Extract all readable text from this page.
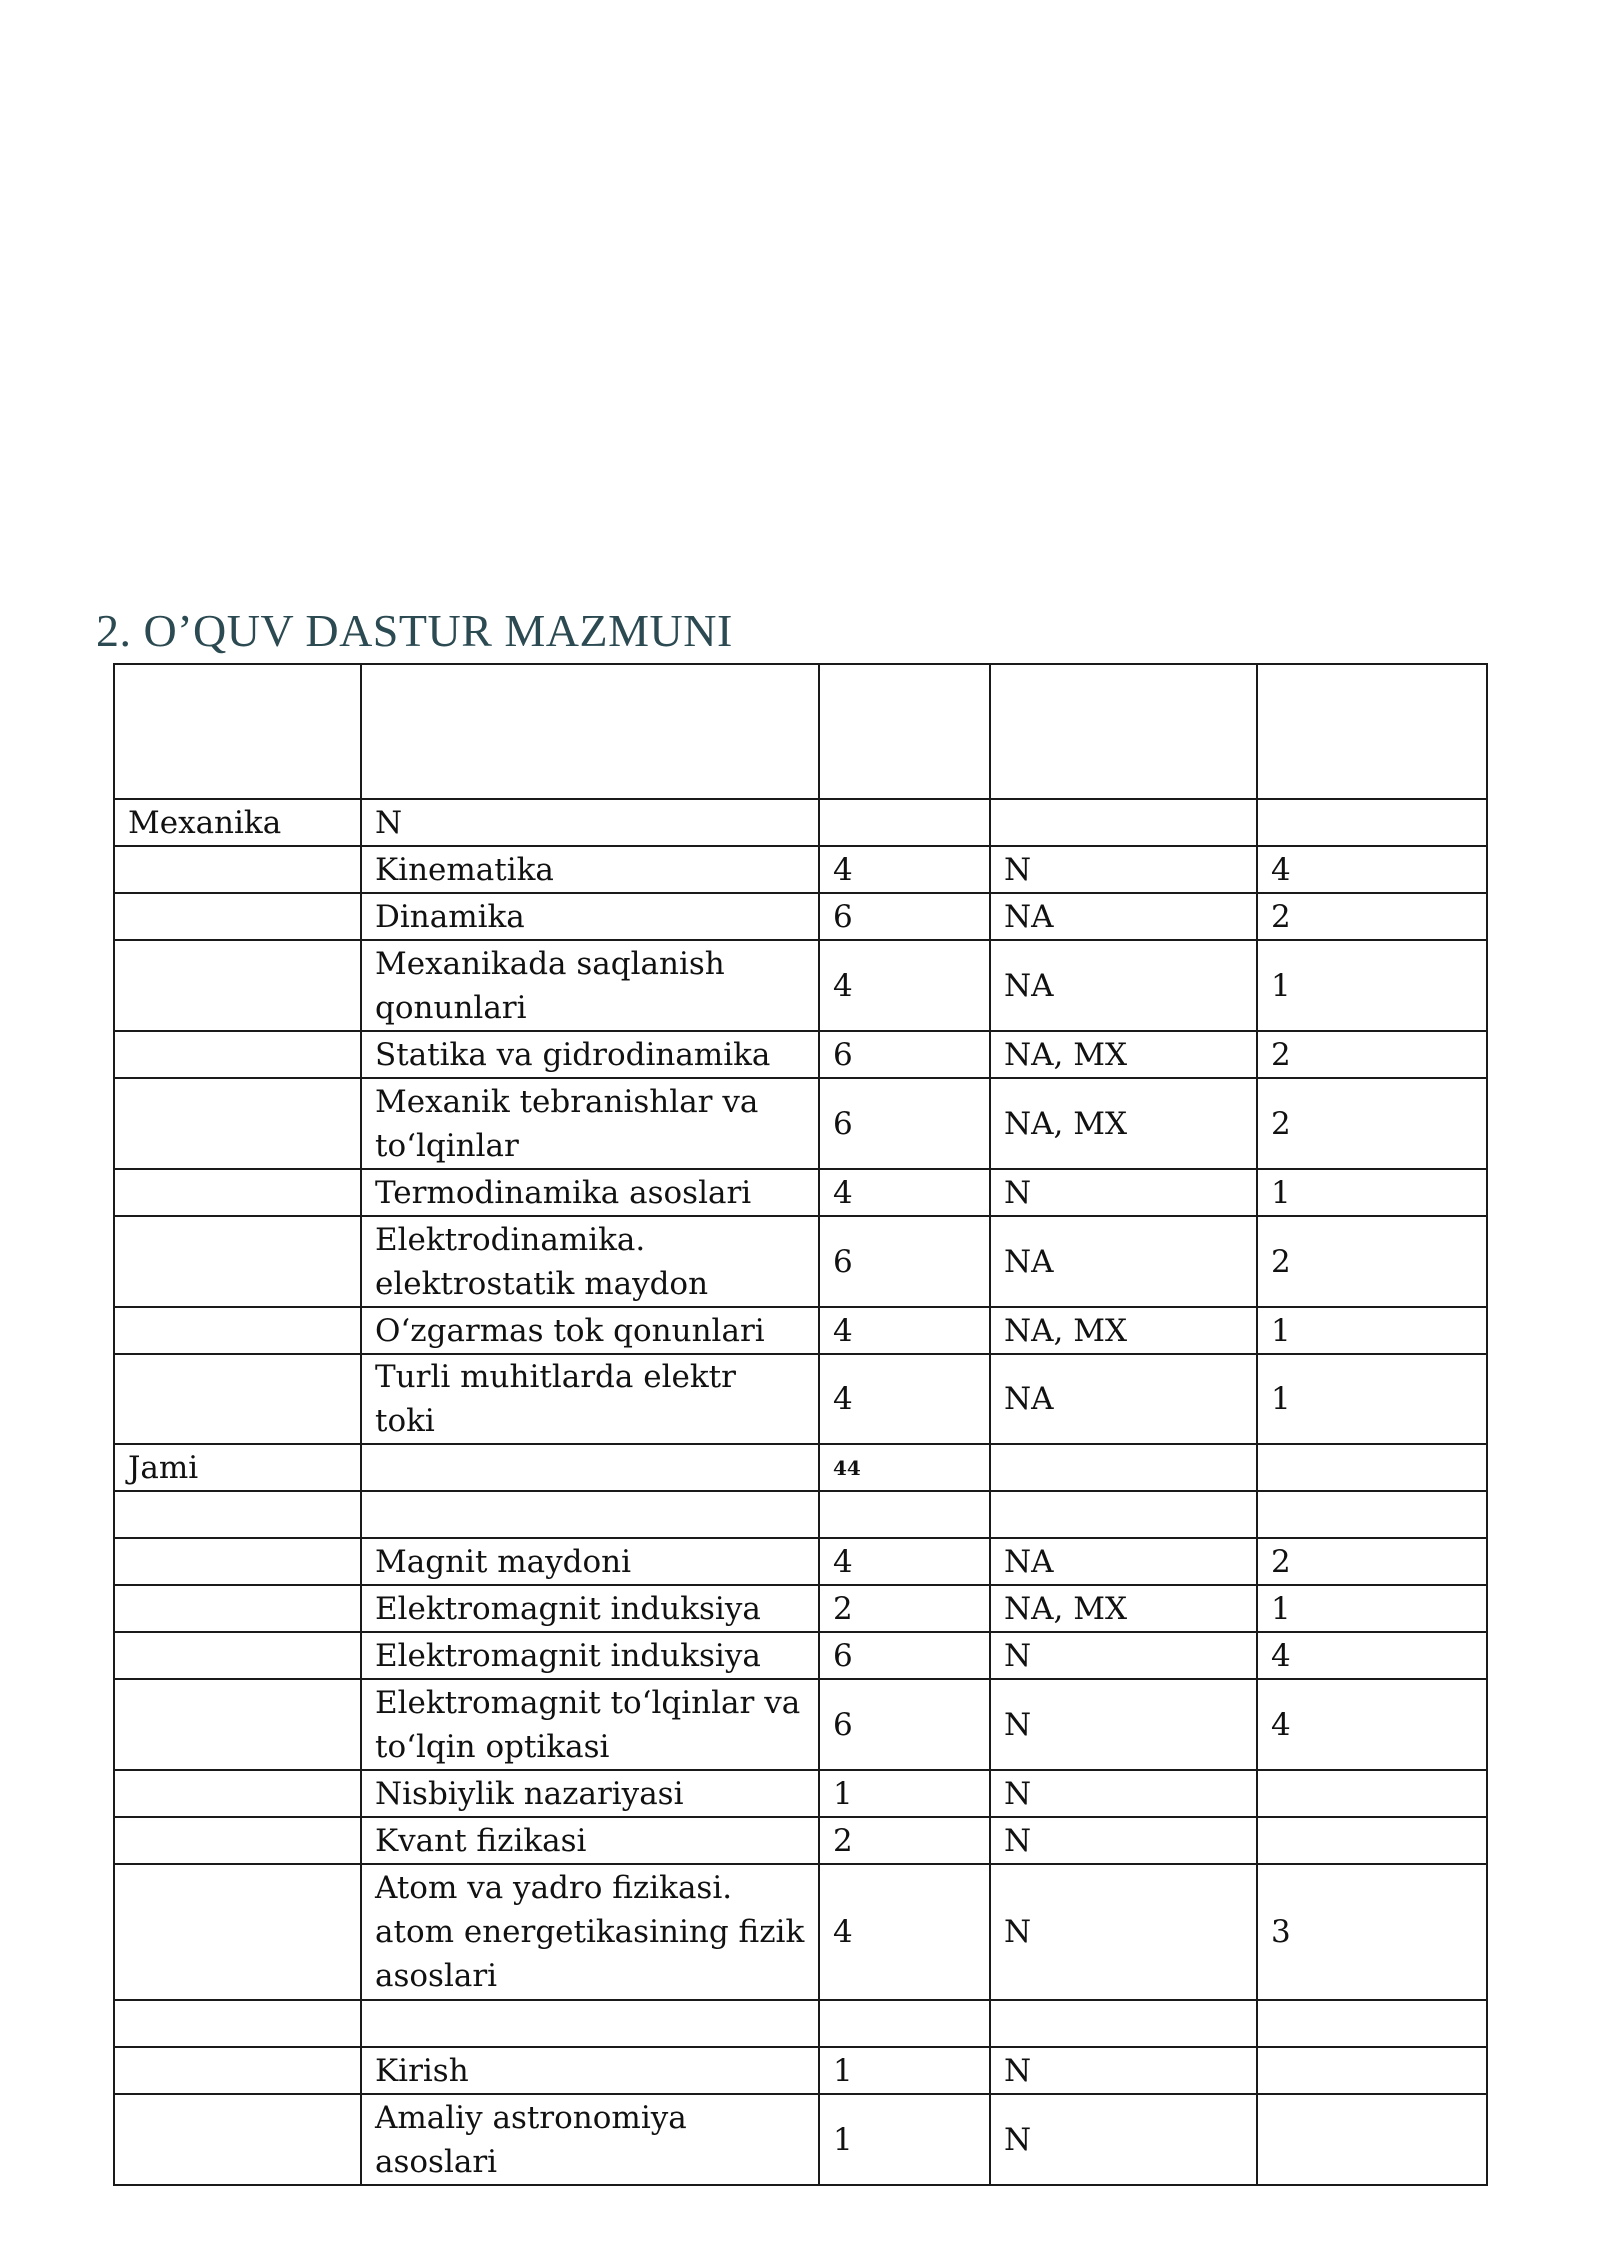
2. O’QUV DASTUR MAZMUNI

Mexanika	N			
	Kinematika	4	N	4
	Dinamika	6	NA	2
	Mexanikada saqlanish qonunlari	4	NA	1
	Statika va gidrodinamika	6	NA, MX	2
	Mexanik tebranishlar va to‘lqinlar	6	NA, MX	2
	Termodinamika asoslari	4	N	1
	Elektrodinamika. elektrostatik maydon	6	NA	2
	O‘zgarmas tok qonunlari	4	NA, MX	1
	Turli muhitlarda elektr toki	4	NA	1
Jami		44		

	Magnit maydoni	4	NA	2
	Elektromagnit induksiya	2	NA, MX	1
	Elektromagnit induksiya	6	N	4
	Elektromagnit to‘lqinlar va to‘lqin optikasi	6	N	4
	Nisbiylik nazariyasi	1	N	
	Kvant fizikasi	2	N	
	Atom va yadro fizikasi. atom energetikasining fizik asoslari	4	N	3

	Kirish	1	N	
	Amaliy astronomiya asoslari	1	N	
